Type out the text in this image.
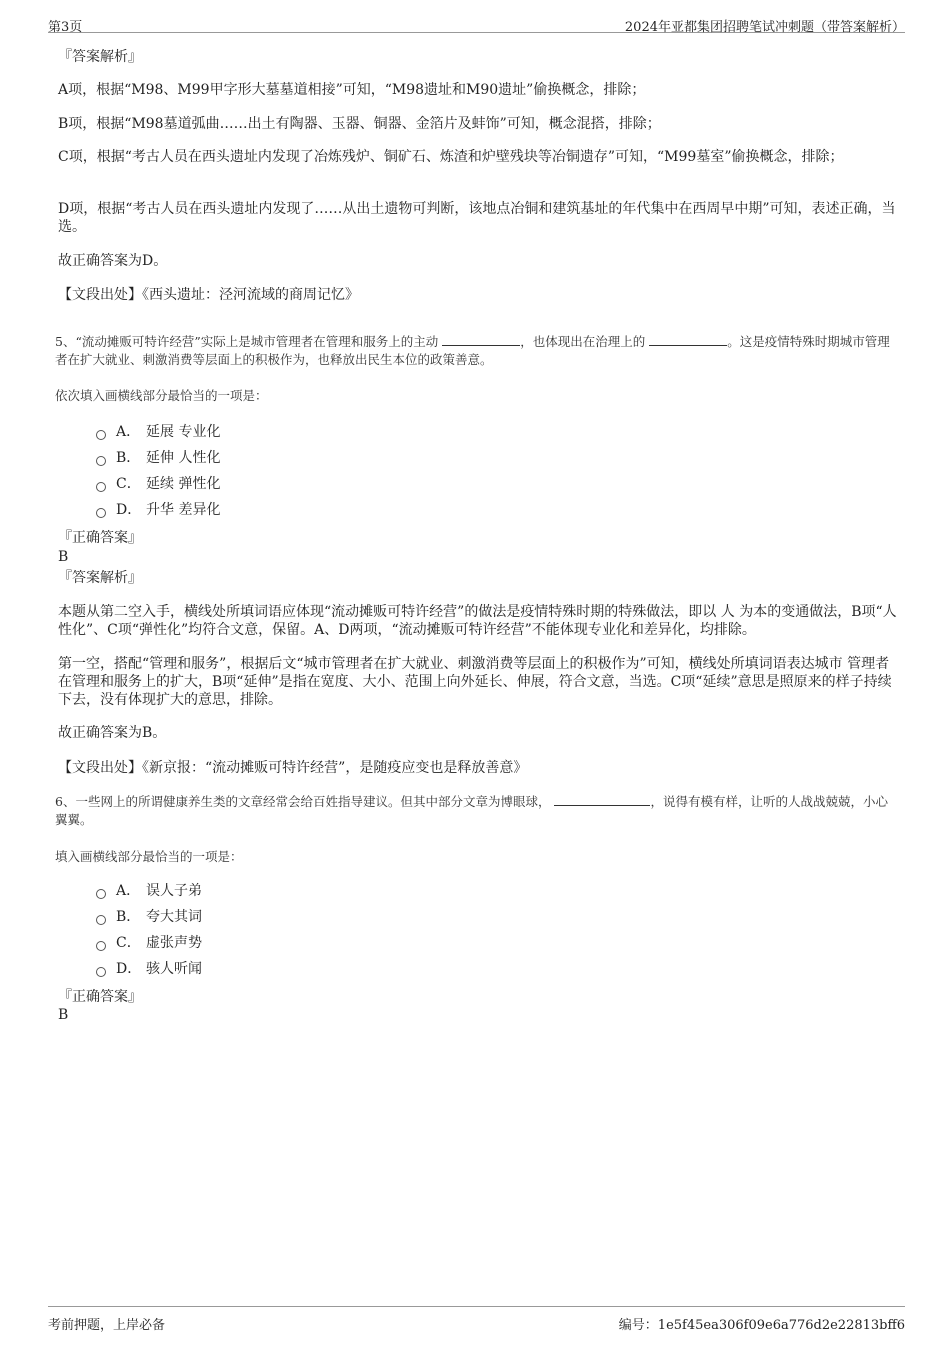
第3页	2024年亚都集团招聘笔试冲刺题（带答案解析）
『答案解析』
A项，根据“M98、M99甲字形大墓墓道相接”可知，“M98遗址和M90遗址”偷换概念，排除；
B项，根据“M98墓道弧曲……出土有陶器、玉器、铜器、金箔片及蚌饰”可知，概念混搭，排除；
C项，根据“考古人员在西头遗址内发现了冶炼残炉、铜矿石、炼渣和炉壁残块等冶铜遗存”可知，“M99墓室”偷换概念，排除；
D项，根据“考古人员在西头遗址内发现了……从出土遗物可判断，该地点冶铜和建筑基址的年代集中在西周早中期”可知，表述正确，当选。
故正确答案为D。
【文段出处】《西头遗址：泾河流域的商周记忆》
5、“流动摊贩可特许经营”实际上是城市管理者在管理和服务上的主动	，也体现出在治理上的	。这是疫情特殊时期城市管理者在扩大就业、刺激消费等层面上的积极作为，也释放出民生本位的政策善意。
依次填入画横线部分最恰当的一项是：
A． 延展 专业化
B． 延伸 人性化
C． 延续 弹性化
D． 升华 差异化
『正确答案』
B
『答案解析』
本题从第二空入手，横线处所填词语应体现“流动摊贩可特许经营”的做法是疫情特殊时期的特殊做法，即以 人 为本的变通做法，B项“人性化”、C项“弹性化”均符合文意，保留。A、D两项，“流动摊贩可特许经营”不能体现专业化和差异化，均排除。
第一空，搭配“管理和服务”，根据后文“城市管理者在扩大就业、刺激消费等层面上的积极作为”可知，横线处所填词语表达城市 管理者在管理和服务上的扩大，B项“延伸”是指在宽度、大小、范围上向外延长、伸展，符合文意，当选。C项“延续”意思是照原来的样子持续下去，没有体现扩大的意思，排除。
故正确答案为B。
【文段出处】《新京报：“流动摊贩可特许经营”，是随疫应变也是释放善意》
6、一些网上的所谓健康养生类的文章经常会给百姓指导建议。但其中部分文章为博眼球，	，说得有模有样，让听的人战战兢兢，小心翼翼。
填入画横线部分最恰当的一项是：
A． 误人子弟
B． 夸大其词
C． 虚张声势
D． 骇人听闻
『正确答案』
B
考前押题，上岸必备	编号：1e5f45ea306f09e6a776d2e22813bff6
